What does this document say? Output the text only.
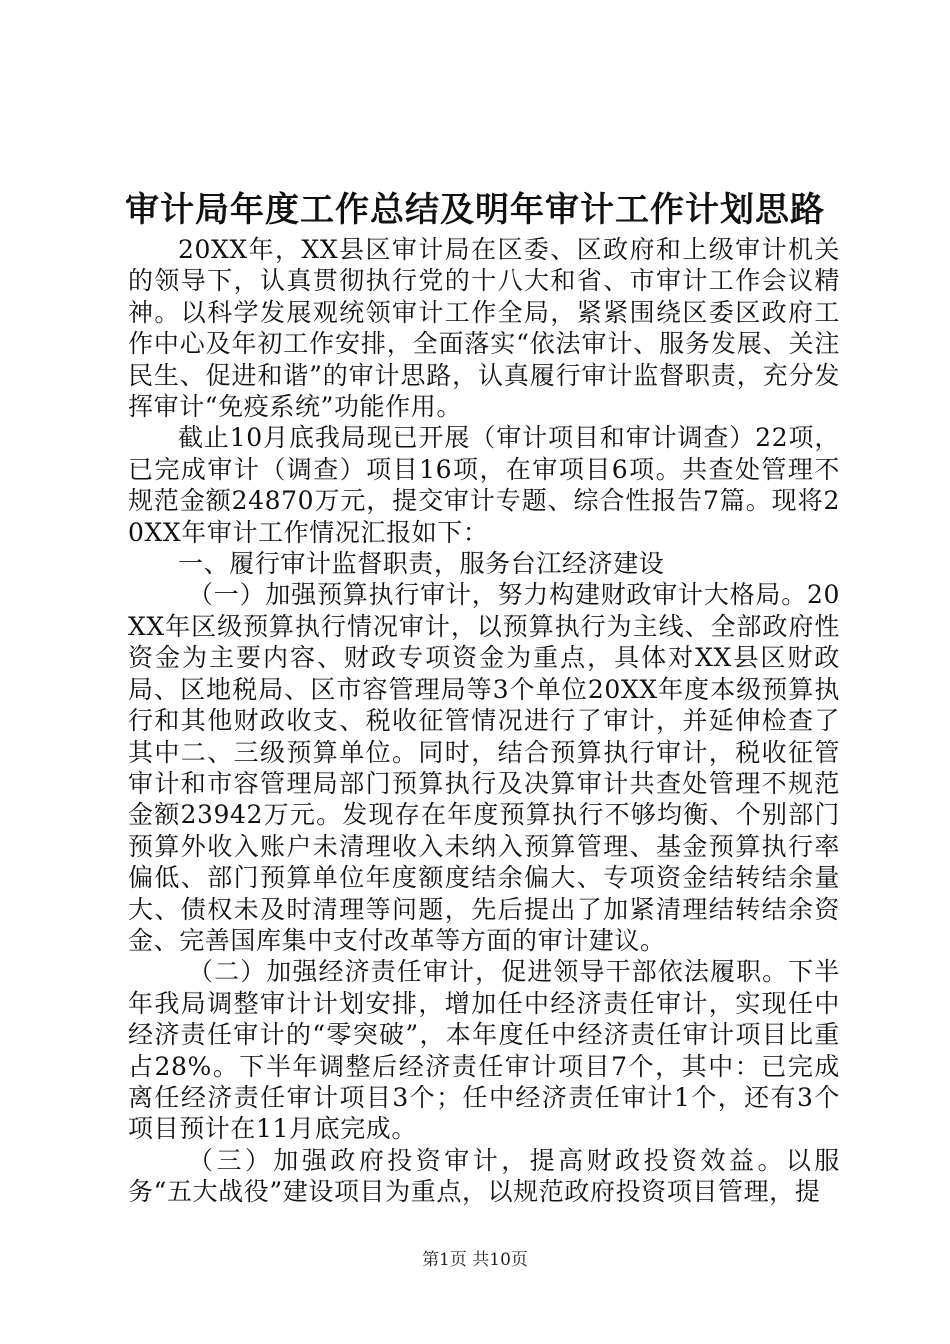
审计局年度工作总结及明年审计工作计划思路

20XX年，XX县区审计局在区委、区政府和上级审计机关的领导下，认真贯彻执行党的十八大和省、市审计工作会议精神。以科学发展观统领审计工作全局，紧紧围绕区委区政府工作中心及年初工作安排，全面落实“依法审计、服务发展、关注民生、促进和谐”的审计思路，认真履行审计监督职责，充分发挥审计“免疫系统”功能作用。

截止10月底我局现已开展（审计项目和审计调查）22项，已完成审计（调查）项目16项，在审项目6项。共查处管理不规范金额24870万元，提交审计专题、综合性报告7篇。现将20XX年审计工作情况汇报如下：

一、履行审计监督职责，服务台江经济建设

（一）加强预算执行审计，努力构建财政审计大格局。20XX年区级预算执行情况审计，以预算执行为主线、全部政府性资金为主要内容、财政专项资金为重点，具体对XX县区财政局、区地税局、区市容管理局等3个单位20XX年度本级预算执行和其他财政收支、税收征管情况进行了审计，并延伸检查了其中二、三级预算单位。同时，结合预算执行审计，税收征管审计和市容管理局部门预算执行及决算审计共查处管理不规范金额23942万元。发现存在年度预算执行不够均衡、个别部门预算外收入账户未清理收入未纳入预算管理、基金预算执行率偏低、部门预算单位年度额度结余偏大、专项资金结转结余量大、债权未及时清理等问题，先后提出了加紧清理结转结余资金、完善国库集中支付改革等方面的审计建议。

（二）加强经济责任审计，促进领导干部依法履职。下半年我局调整审计计划安排，增加任中经济责任审计，实现任中经济责任审计的“零突破”，本年度任中经济责任审计项目比重占28%。下半年调整后经济责任审计项目7个，其中：已完成离任经济责任审计项目3个；任中经济责任审计1个，还有3个项目预计在11月底完成。

（三）加强政府投资审计，提高财政投资效益。以服务“五大战役”建设项目为重点，以规范政府投资项目管理，提

第1页 共10页
